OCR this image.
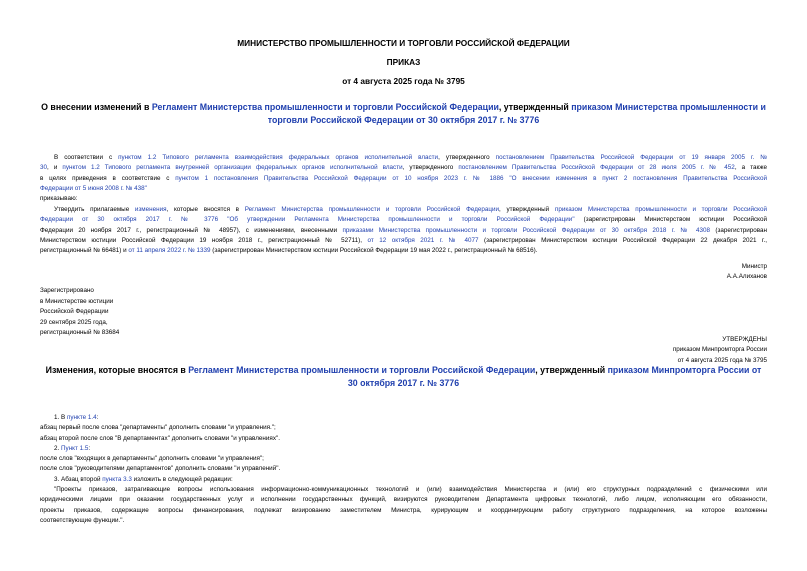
МИНИСТЕРСТВО ПРОМЫШЛЕННОСТИ И ТОРГОВЛИ РОССИЙСКОЙ ФЕДЕРАЦИИ
ПРИКАЗ
от 4 августа 2025 года № 3795
О внесении изменений в Регламент Министерства промышленности и торговли Российской Федерации, утвержденный приказом Министерства промышленности и
торговли Российской Федерации от 30 октября 2017 г. № 3776
В соответствии с пунктом 1.2 Типового регламента взаимодействия федеральных органов исполнительной власти, утвержденного постановлением Правительства Российской Федерации от 19 января 2005 г. №
30, и пунктом 1.2 Типового регламента внутренней организации федеральных органов исполнительной власти, утвержденного постановлением Правительства Российской Федерации от 28 июля 2005 г. № 452, а также
в целях приведения в соответствие с пунктом 1 постановления Правительства Российской Федерации от 10 ноября 2023 г. № 1886 "О внесении изменения в пункт 2 постановления Правительства Российской
Федерации от 5 июня 2008 г. № 438"
приказываю:
Утвердить прилагаемые изменения, которые вносятся в Регламент Министерства промышленности и торговли Российской Федерации, утвержденный приказом Министерства промышленности и торговли Российской
Федерации от 30 октября 2017 г. № 3776 "Об утверждении Регламента Министерства промышленности и торговли Российской Федерации" (зарегистрирован Министерством юстиции Российской
Федерации 20 ноября 2017 г., регистрационный № 48957), с изменениями, внесенными приказами Министерства промышленности и торговли Российской Федерации от 30 октября 2018 г. № 4308 (зарегистрирован
Министерством юстиции Российской Федерации 19 ноября 2018 г., регистрационный № 52711), от 12 октября 2021 г. № 4077 (зарегистрирован Министерством юстиции Российской Федерации 22 декабря 2021 г.,
регистрационный № 66481) и от 11 апреля 2022 г. № 1339 (зарегистрирован Министерством юстиции Российской Федерации 19 мая 2022 г., регистрационный № 68516).
Министр
А.А.Алиханов
Зарегистрировано
в Министерстве юстиции
Российской Федерации
29 сентября 2025 года,
регистрационный № 83684
УТВЕРЖДЕНЫ
приказом Минпромторга России
от 4 августа 2025 года № 3795
Изменения, которые вносятся в Регламент Министерства промышленности и торговли Российской Федерации, утвержденный приказом Минпромторга России от
30 октября 2017 г. № 3776
1. В пункте 1.4:
абзац первый после слова "департаменты" дополнить словами "и управления.";
абзац второй после слов "В департаментах" дополнить словами "и управлениях".
2. Пункт 1.5:
после слов "входящих в департаменты" дополнить словами "и управления";
после слов "руководителями департаментов" дополнить словами "и управлений".
3. Абзац второй пункта 3.3 изложить в следующей редакции:
"Проекты приказов, затрагивающие вопросы использования информационно-коммуникационных технологий и (или) взаимодействия Министерства и (или) его структурных подразделений с физическими или
юридическими лицами при оказании государственных услуг и исполнении государственных функций, визируются руководителем Департамента цифровых технологий, либо лицом, исполняющим его обязанности,
проекты приказов, содержащие вопросы финансирования, подлежат визированию заместителем Министра, курирующим и координирующим работу структурного подразделения, на которое возложены
соответствующие функции.".
